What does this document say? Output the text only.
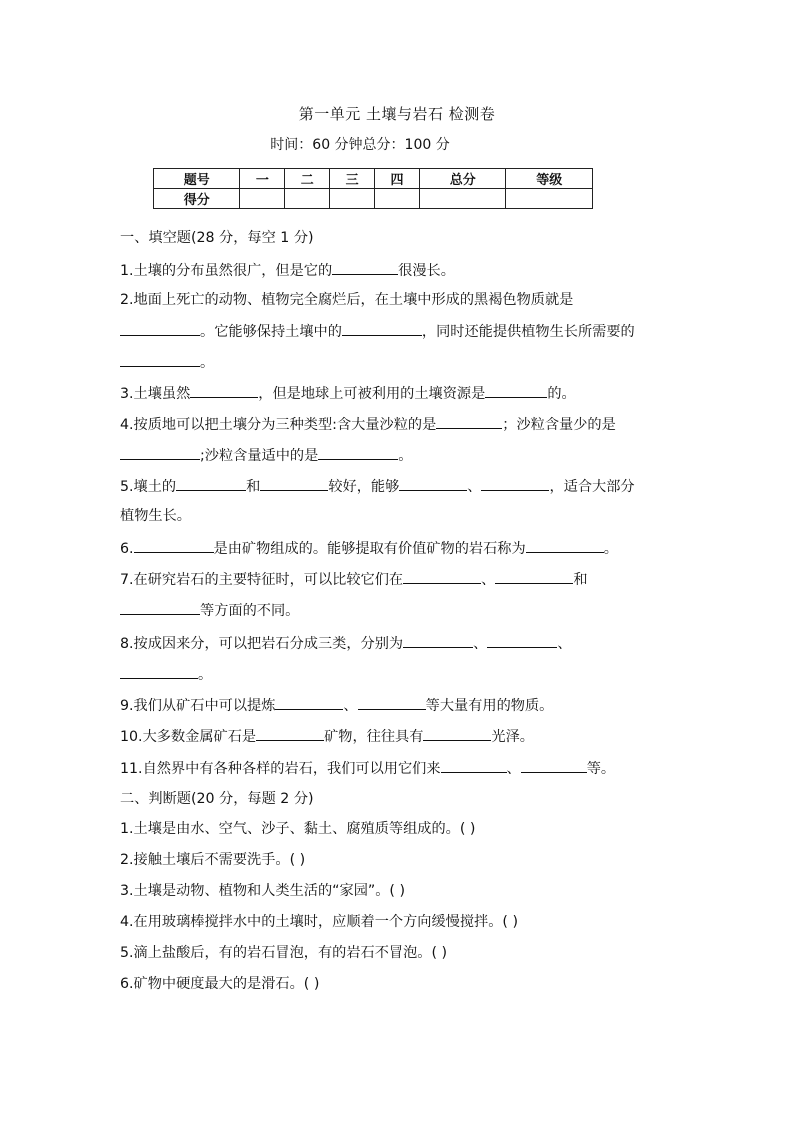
第一单元 土壤与岩石 检测卷
时间：60 分钟总分：100 分
题号	一	二	三	四	总分	等级
得分						
一、填空题(28 分，每空 1 分)
1.土壤的分布虽然很广，但是它的	很漫长。
2.地面上死亡的动物、植物完全腐烂后，在土壤中形成的黑褐色物质就是
。它能够保持土壤中的	，同时还能提供植物生长所需要的
。
3.土壤虽然	，但是地球上可被利用的土壤资源是	的。
4.按质地可以把土壤分为三种类型:含大量沙粒的是	；沙粒含量少的是
;沙粒含量适中的是	。
5.壤土的	和	较好，能够	、	，适合大部分
植物生长。
6.	是由矿物组成的。能够提取有价值矿物的岩石称为	。
7.在研究岩石的主要特征时，可以比较它们在	、	和
等方面的不同。
8.按成因来分，可以把岩石分成三类，分别为	、	、
。
9.我们从矿石中可以提炼	、	等大量有用的物质。
10.大多数金属矿石是	矿物，往往具有	光泽。
11.自然界中有各种各样的岩石，我们可以用它们来	、	等。
二、判断题(20 分，每题 2 分)
1.土壤是由水、空气、沙子、黏土、腐殖质等组成的。( )
2.接触土壤后不需要洗手。( )
3.土壤是动物、植物和人类生活的“家园”。( )
4.在用玻璃棒搅拌水中的土壤时，应顺着一个方向缓慢搅拌。( )
5.滴上盐酸后，有的岩石冒泡，有的岩石不冒泡。( )
6.矿物中硬度最大的是滑石。( )
